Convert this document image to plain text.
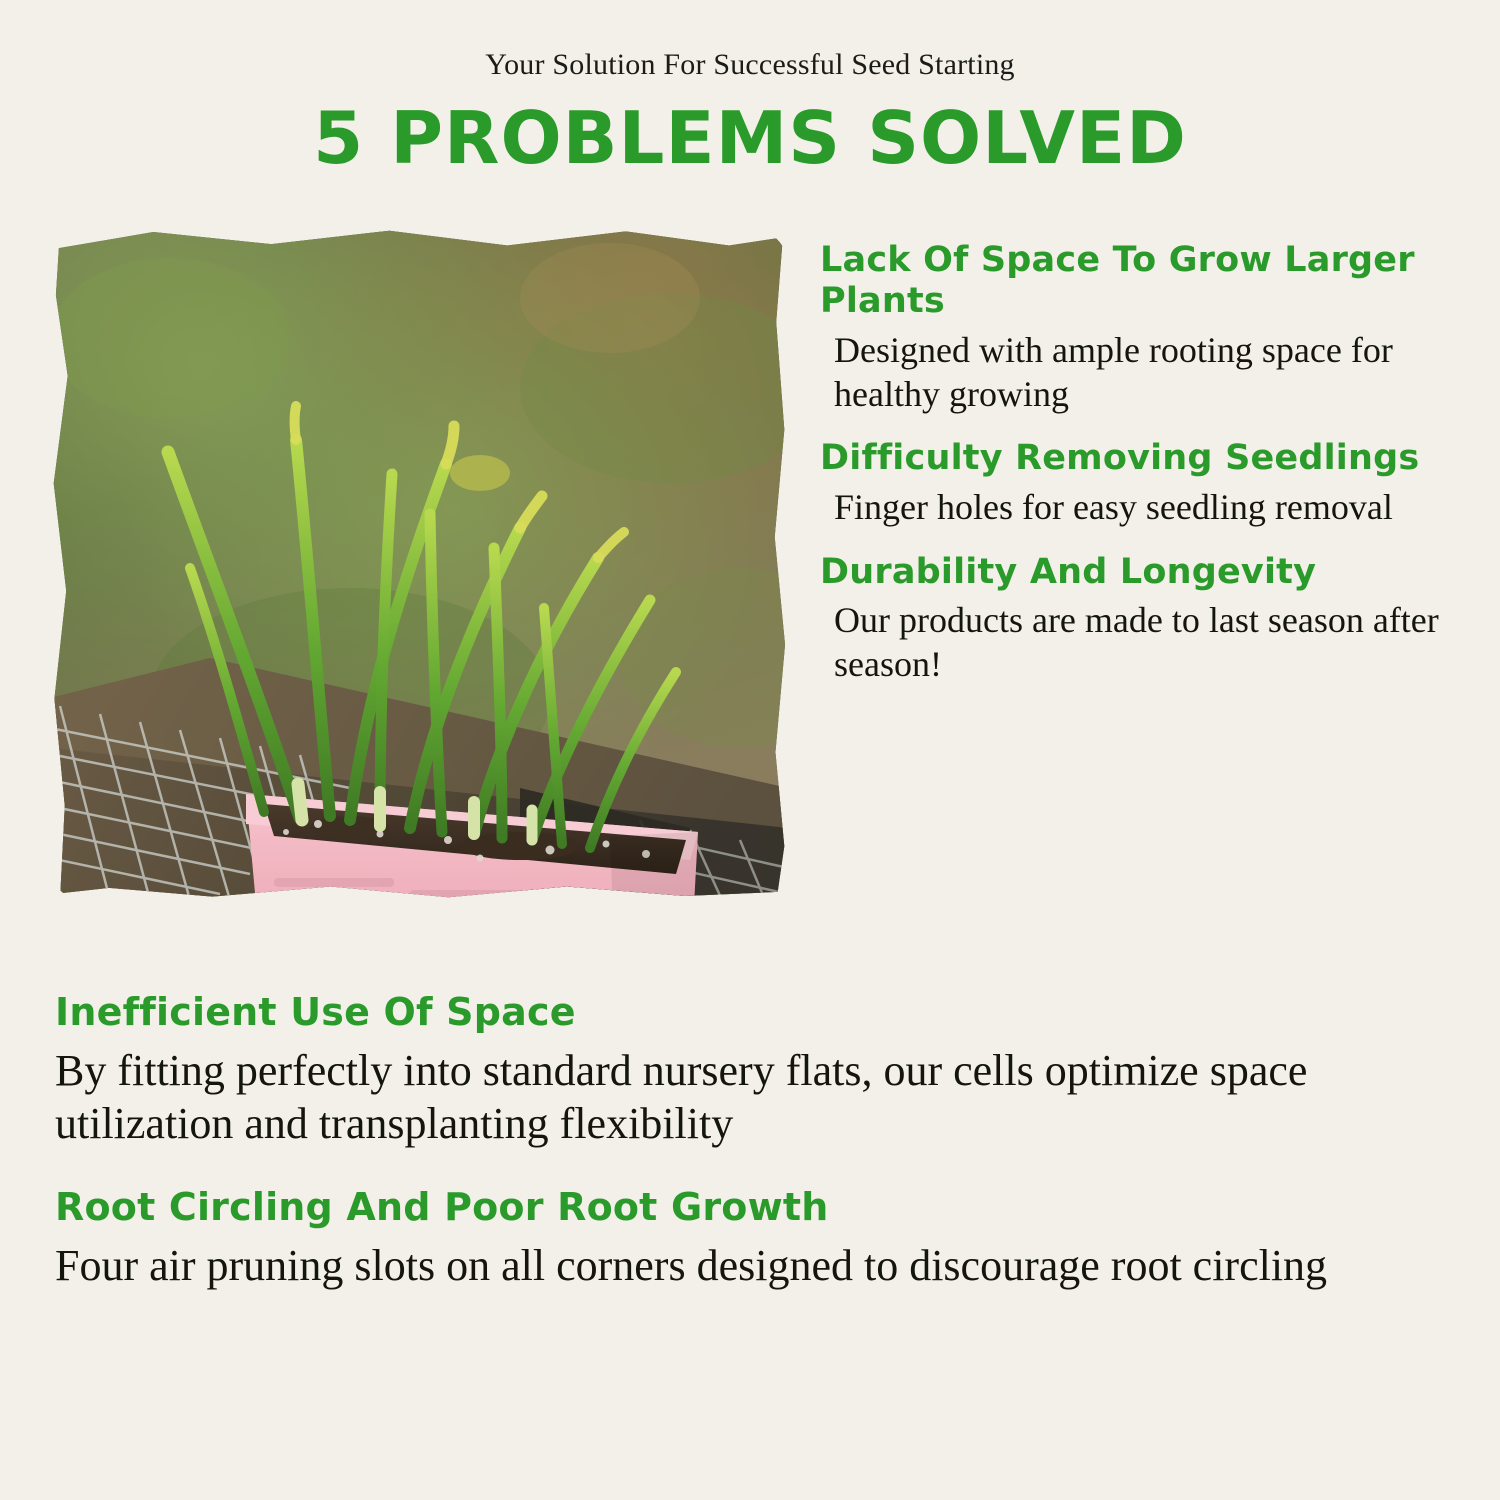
Your Solution For Successful Seed Starting
5 PROBLEMS SOLVED
Lack Of Space To Grow Larger Plants
Designed with ample rooting space for healthy growing
Difficulty Removing Seedlings
Finger holes for easy seedling removal
Durability And Longevity
Our products are made to last season after season!
Inefficient Use Of Space
By fitting perfectly into standard nursery flats, our cells optimize space utilization and transplanting flexibility
Root Circling And Poor Root Growth
Four air pruning slots on all corners designed to discourage root circling
